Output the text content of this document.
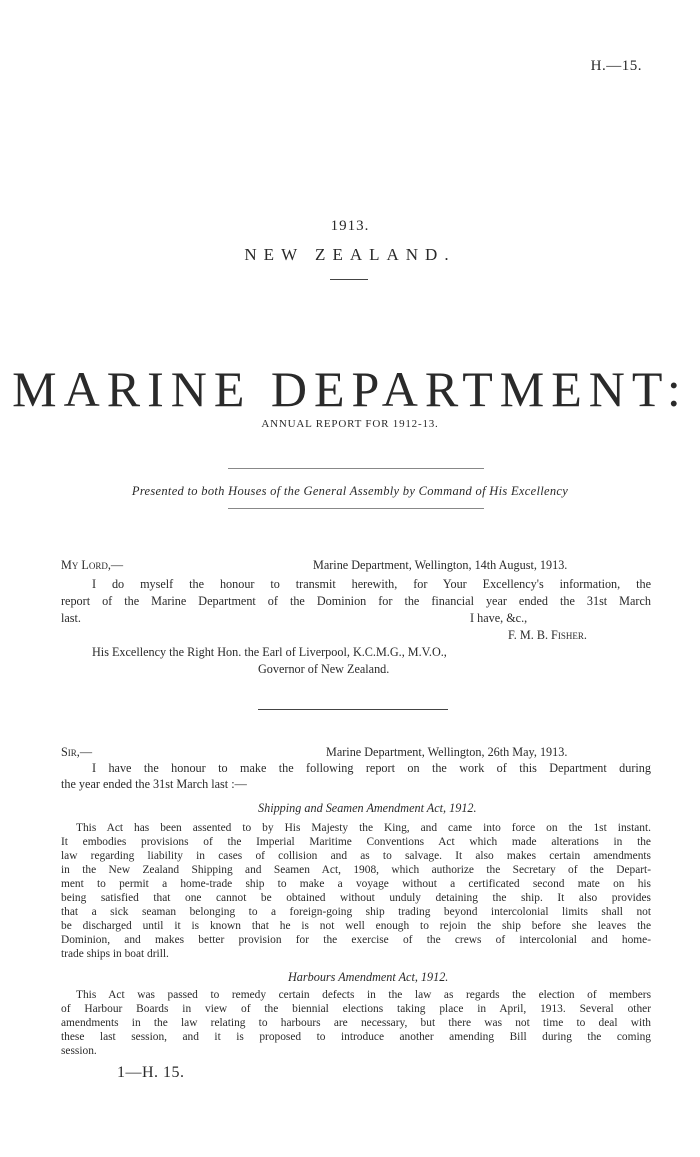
H.—15.
1913.
NEW ZEALAND.
MARINE DEPARTMENT:
ANNUAL REPORT FOR 1912-13.
Presented to both Houses of the General Assembly by Command of His Excellency
My Lord,—	Marine Department, Wellington, 14th August, 1913.
I do myself the honour to transmit herewith, for Your Excellency's information, the
report of the Marine Department of the Dominion for the financial year ended the 31st March
last.	I have, &c.,
F. M. B. Fisher.
His Excellency the Right Hon. the Earl of Liverpool, K.C.M.G., M.V.O.,
Governor of New Zealand.
Sir,—	Marine Department, Wellington, 26th May, 1913.
I have the honour to make the following report on the work of this Department during
the year ended the 31st March last :—
Shipping and Seamen Amendment Act, 1912.
This Act has been assented to by His Majesty the King, and came into force on the 1st instant.
It embodies provisions of the Imperial Maritime Conventions Act which made alterations in the
law regarding liability in cases of collision and as to salvage. It also makes certain amendments
in the New Zealand Shipping and Seamen Act, 1908, which authorize the Secretary of the Depart-
ment to permit a home-trade ship to make a voyage without a certificated second mate on his
being satisfied that one cannot be obtained without unduly detaining the ship. It also provides
that a sick seaman belonging to a foreign-going ship trading beyond intercolonial limits shall not
be discharged until it is known that he is not well enough to rejoin the ship before she leaves the
Dominion, and makes better provision for the exercise of the crews of intercolonial and home-
trade ships in boat drill.
Harbours Amendment Act, 1912.
This Act was passed to remedy certain defects in the law as regards the election of members
of Harbour Boards in view of the biennial elections taking place in April, 1913. Several other
amendments in the law relating to harbours are necessary, but there was not time to deal with
these last session, and it is proposed to introduce another amending Bill during the coming
session.
1—H. 15.
